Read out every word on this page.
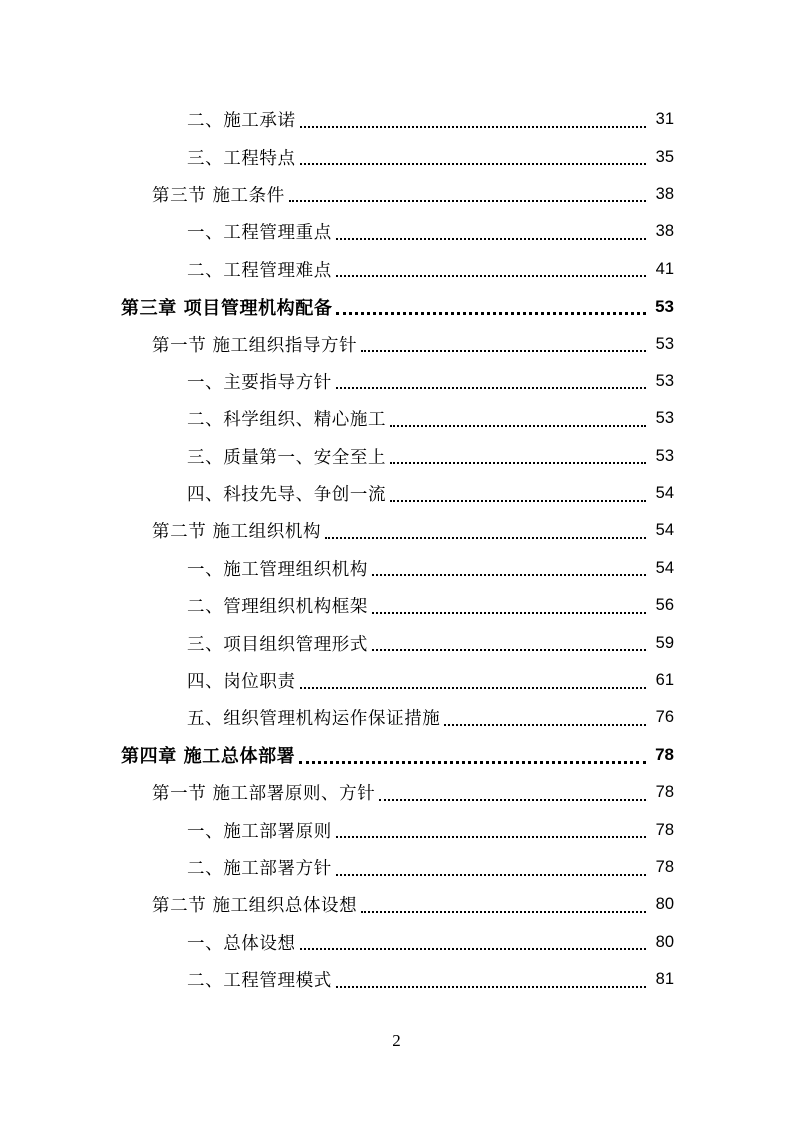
二、施工承诺	31
三、工程特点	35
第三节 施工条件	38
一、工程管理重点	38
二、工程管理难点	41
第三章 项目管理机构配备	53
第一节 施工组织指导方针	53
一、主要指导方针	53
二、科学组织、精心施工	53
三、质量第一、安全至上	53
四、科技先导、争创一流	54
第二节 施工组织机构	54
一、施工管理组织机构	54
二、管理组织机构框架	56
三、项目组织管理形式	59
四、岗位职责	61
五、组织管理机构运作保证措施	76
第四章 施工总体部署	78
第一节 施工部署原则、方针	78
一、施工部署原则	78
二、施工部署方针	78
第二节 施工组织总体设想	80
一、总体设想	80
二、工程管理模式	81
2
